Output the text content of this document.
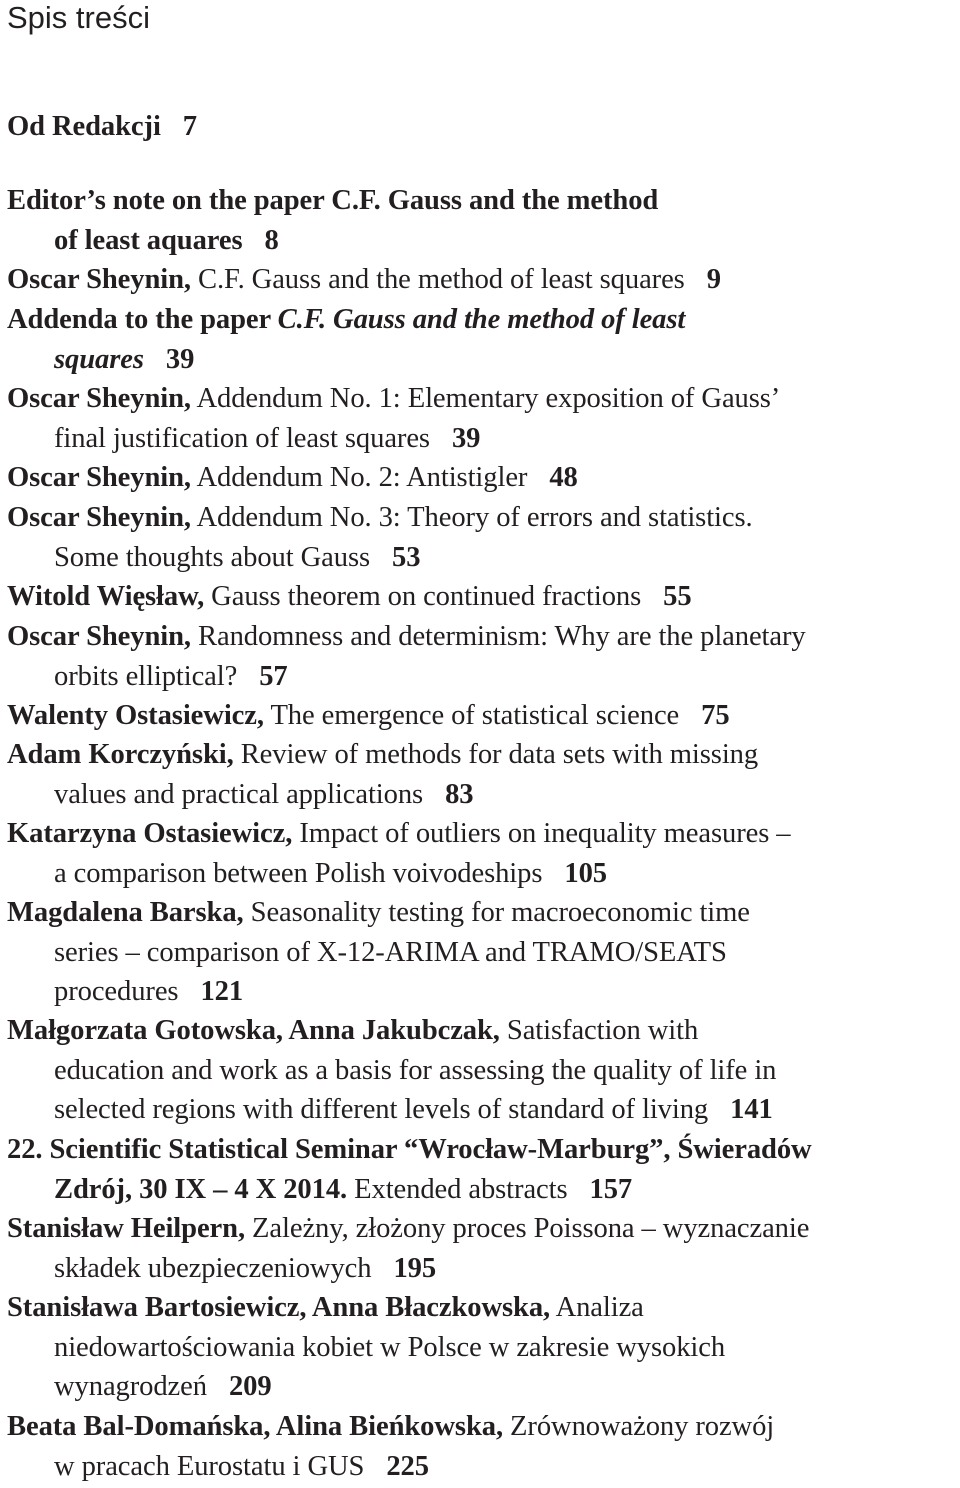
Spis treści
Od Redakcji 7
Editor’s note on the paper C.F. Gauss and the method
of least aquares 8
Oscar Sheynin, C.F. Gauss and the method of least squares 9
Addenda to the paper C.F. Gauss and the method of least
squares 39
Oscar Sheynin, Addendum No. 1: Elementary exposition of Gauss’
final justification of least squares 39
Oscar Sheynin, Addendum No. 2: Antistigler 48
Oscar Sheynin, Addendum No. 3: Theory of errors and statistics.
Some thoughts about Gauss 53
Witold Więsław, Gauss theorem on continued fractions 55
Oscar Sheynin, Randomness and determinism: Why are the planetary
orbits elliptical? 57
Walenty Ostasiewicz, The emergence of statistical science 75
Adam Korczyński, Review of methods for data sets with missing
values and practical applications 83
Katarzyna Ostasiewicz, Impact of outliers on inequality measures –
a comparison between Polish voivodeships 105
Magdalena Barska, Seasonality testing for macroeconomic time
series – comparison of X-12-ARIMA and TRAMO/SEATS
procedures 121
Małgorzata Gotowska, Anna Jakubczak, Satisfaction with
education and work as a basis for assessing the quality of life in
selected regions with different levels of standard of living 141
22. Scientific Statistical Seminar “Wrocław-Marburg”, Świeradów
Zdrój, 30 IX – 4 X 2014. Extended abstracts 157
Stanisław Heilpern, Zależny, złożony proces Poissona – wyznaczanie
składek ubezpieczeniowych 195
Stanisława Bartosiewicz, Anna Błaczkowska, Analiza
niedowartościowania kobiet w Polsce w zakresie wysokich
wynagrodzeń 209
Beata Bal-Domańska, Alina Bieńkowska, Zrównoważony rozwój
w pracach Eurostatu i GUS 225
